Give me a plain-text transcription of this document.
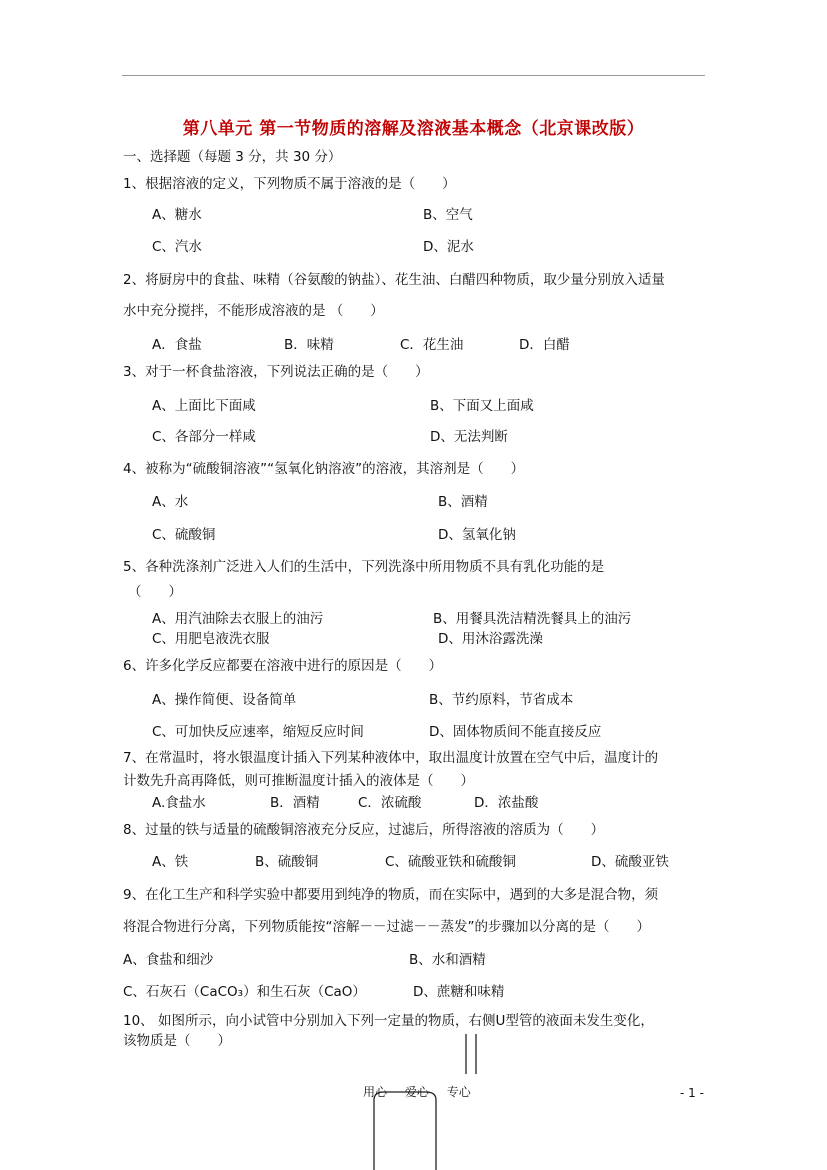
第八单元 第一节物质的溶解及溶液基本概念（北京课改版）
一、选择题（每题 3 分，共 30 分）
1、根据溶液的定义，下列物质不属于溶液的是（　　）
A、糖水	B、空气
C、汽水	D、泥水
2、将厨房中的食盐、味精（谷氨酸的钠盐）、花生油、白醋四种物质，取少量分别放入适量
水中充分搅拌，不能形成溶液的是 （　　）
A．食盐	B．味精	C．花生油	D．白醋
3、对于一杯食盐溶液，下列说法正确的是（　　）
A、上面比下面咸	B、下面又上面咸
C、各部分一样咸	D、无法判断
4、被称为“硫酸铜溶液”“氢氧化钠溶液”的溶液，其溶剂是（　　）
A、水	B、酒精
C、硫酸铜	D、氢氧化钠
5、各种洗涤剂广泛进入人们的生活中，下列洗涤中所用物质不具有乳化功能的是
（　　）
A、用汽油除去衣服上的油污	B、用餐具洗洁精洗餐具上的油污
C、用肥皂液洗衣服	D、用沐浴露洗澡
6、许多化学反应都要在溶液中进行的原因是（　　）
A、操作简便、设备简单	B、节约原料，节省成本
C、可加快反应速率，缩短反应时间	D、固体物质间不能直接反应
7、在常温时，将水银温度计插入下列某种液体中，取出温度计放置在空气中后，温度计的
计数先升高再降低，则可推断温度计插入的液体是（　　）
A.食盐水	B．酒精	C．浓硫酸	D．浓盐酸
8、过量的铁与适量的硫酸铜溶液充分反应，过滤后，所得溶液的溶质为（　　）
A、铁	B、硫酸铜	C、硫酸亚铁和硫酸铜	D、硫酸亚铁
9、在化工生产和科学实验中都要用到纯净的物质，而在实际中，遇到的大多是混合物，须
将混合物进行分离，下列物质能按“溶解－－过滤－－蒸发”的步骤加以分离的是（　　）
A、食盐和细沙	B、水和酒精
C、石灰石（CaCO₃）和生石灰（CaO）	D、蔗糖和味精
10、 如图所示，向小试管中分别加入下列一定量的物质，右侧U型管的液面未发生变化，
该物质是（　　）
用心 爱心 专心	- 1 -
